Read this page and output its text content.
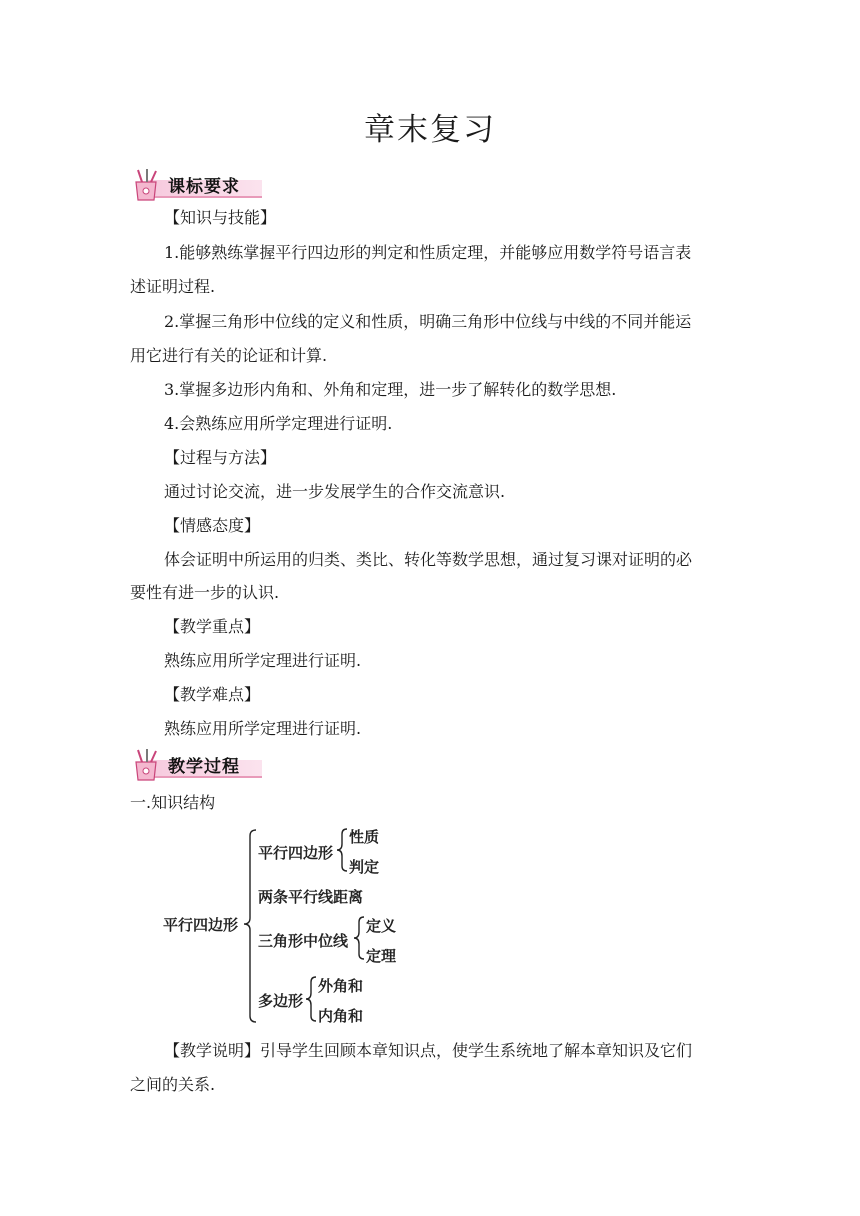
章末复习
课标要求
【知识与技能】
1.能够熟练掌握平行四边形的判定和性质定理，并能够应用数学符号语言表
述证明过程.
2.掌握三角形中位线的定义和性质，明确三角形中位线与中线的不同并能运
用它进行有关的论证和计算.
3.掌握多边形内角和、外角和定理，进一步了解转化的数学思想.
4.会熟练应用所学定理进行证明.
【过程与方法】
通过讨论交流，进一步发展学生的合作交流意识.
【情感态度】
体会证明中所运用的归类、类比、转化等数学思想，通过复习课对证明的必
要性有进一步的认识.
【教学重点】
熟练应用所学定理进行证明.
【教学难点】
熟练应用所学定理进行证明.
教学过程
一.知识结构
平行四边形
平行四边形
性质
判定
两条平行线距离
三角形中位线
定义
定理
多边形
外角和
内角和
【教学说明】引导学生回顾本章知识点，使学生系统地了解本章知识及它们
之间的关系.
